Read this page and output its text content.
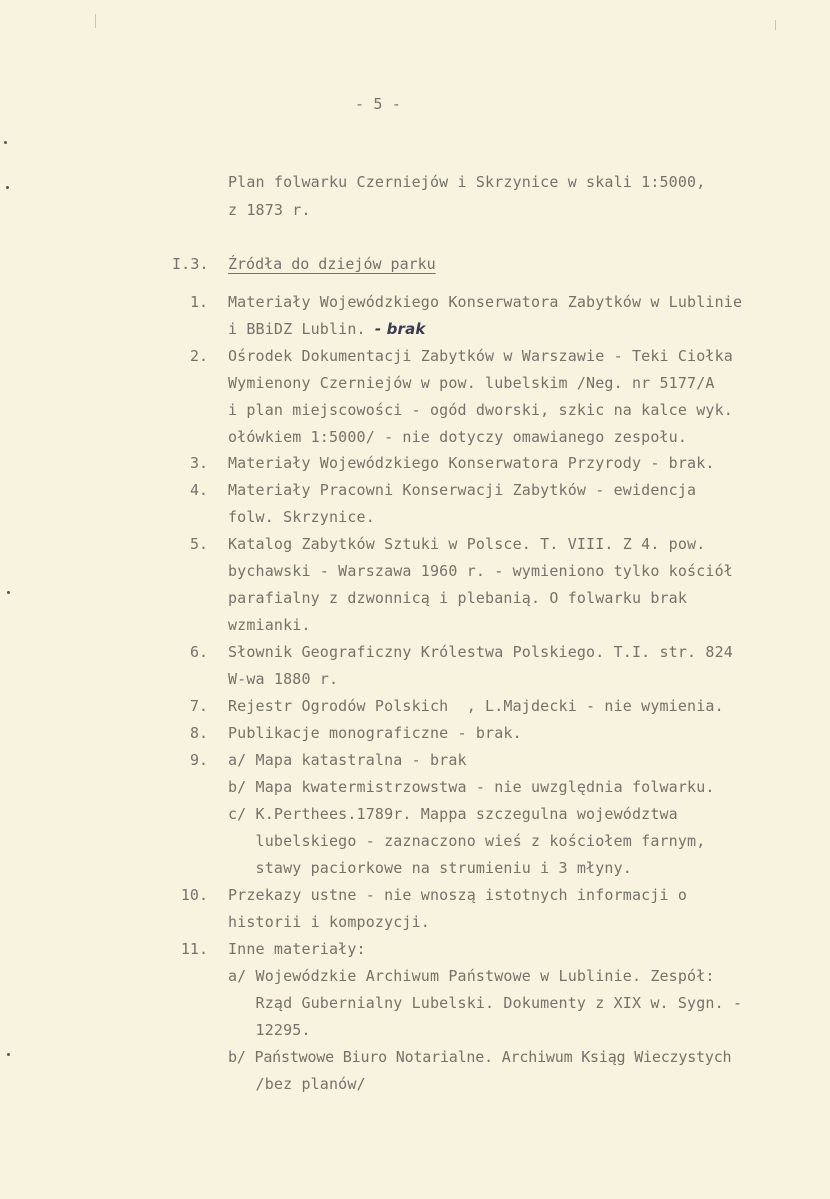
- 5 -
Plan folwarku Czerniejów i Skrzynice w skali 1:5000,
z 1873 r.
I.3. Źródła do dziejów parku
1. Materiały Wojewódzkiego Konserwatora Zabytków w Lublinie
i BBiDZ Lublin. - brak
2. Ośrodek Dokumentacji Zabytków w Warszawie - Teki Ciołka
Wymienony Czerniejów w pow. lubelskim /Neg. nr 5177/A
i plan miejscowości - ogód dworski, szkic na kalce wyk.
ołówkiem 1:5000/ - nie dotyczy omawianego zespołu.
3. Materiały Wojewódzkiego Konserwatora Przyrody - brak.
4. Materiały Pracowni Konserwacji Zabytków - ewidencja
folw. Skrzynice.
5. Katalog Zabytków Sztuki w Polsce. T. VIII. Z 4. pow.
bychawski - Warszawa 1960 r. - wymieniono tylko kościół
parafialny z dzwonnicą i plebanią. O folwarku brak
wzmianki.
6. Słownik Geograficzny Królestwa Polskiego. T.I. str. 824
W-wa 1880 r.
7. Rejestr Ogrodów Polskich  , L.Majdecki - nie wymienia.
8. Publikacje monograficzne - brak.
9. a/ Mapa katastralna - brak
b/ Mapa kwatermistrzowstwa - nie uwzględnia folwarku.
c/ K.Perthees.1789r. Mappa szczegulna województwa
lubelskiego - zaznaczono wieś z kościołem farnym,
stawy paciorkowe na strumieniu i 3 młyny.
10. Przekazy ustne - nie wnoszą istotnych informacji o
historii i kompozycji.
11. Inne materiały:
a/ Wojewódzkie Archiwum Państwowe w Lublinie. Zespół:
Rząd Gubernialny Lubelski. Dokumenty z XIX w. Sygn. -
12295.
b/ Państwowe Biuro Notarialne. Archiwum Ksiąg Wieczystych
/bez planów/
